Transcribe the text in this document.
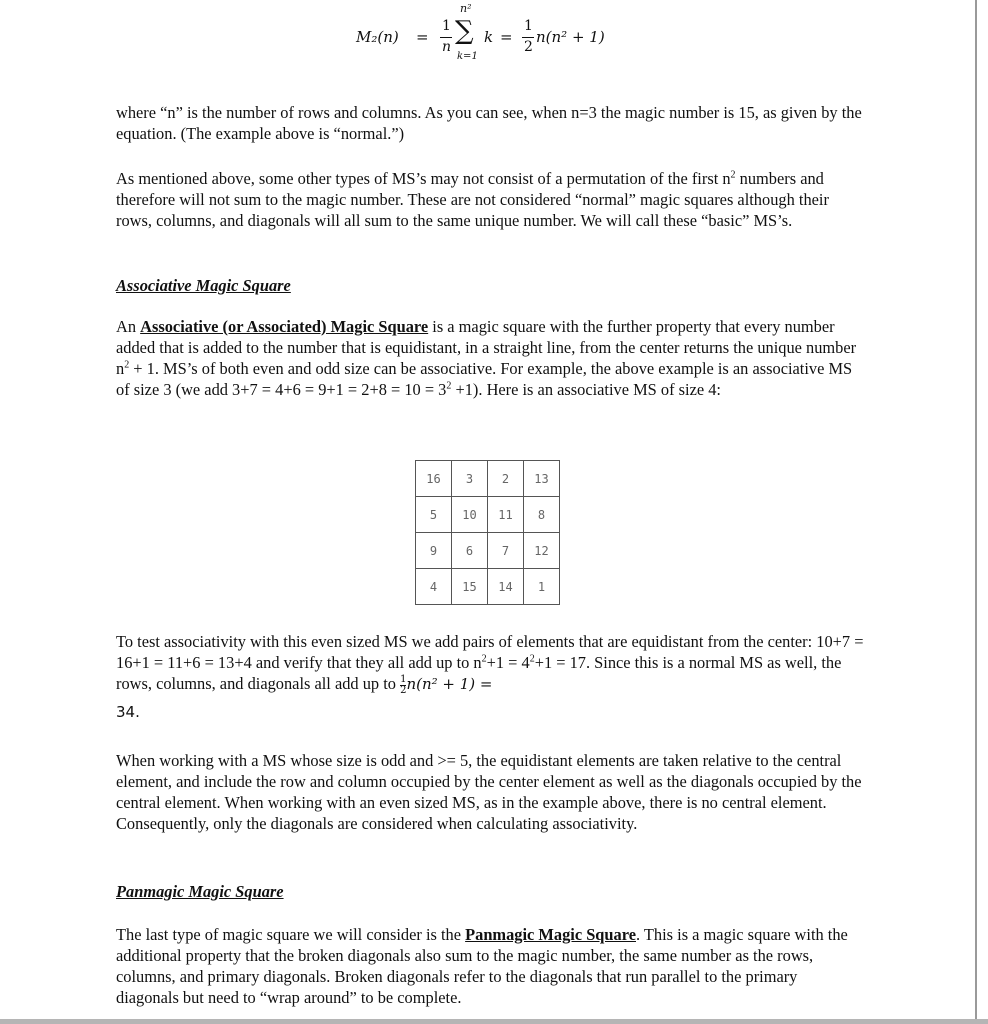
M₂(n) =
1
n
n²
∑
k=1
k =
1
2
n(n² + 1)

where “n” is the number of rows and columns. As you can see, when n=3 the magic number is 15, as given by the equation. (The example above is “normal.”)

As mentioned above, some other types of MS’s may not consist of a permutation of the first $n^2$ numbers and therefore will not sum to the magic number. These are not considered “normal” magic squares although their rows, columns, and diagonals will all sum to the same unique number. We will call these “basic” MS’s.

Associative Magic Square

An Associative (or Associated) Magic Square is a magic square with the further property that every number added that is added to the number that is equidistant, in a straight line, from the center returns the unique number $n^2 + 1$. MS’s of both even and odd size can be associative. For example, the above example is an associative MS of size 3 (we add $3+7 = 4+6 = 9+1 = 2+8 = 10 = 3^2 +1$). Here is an associative MS of size 4:

16	3	2	13
5	10	11	8
9	6	7	12
4	15	14	1

To test associativity with this even sized MS we add pairs of elements that are equidistant from the center: 10+7 = 16+1 = 11+6 = 13+4 and verify that they all add up to $n^2+1 = 4^2+1 = 17$. Since this is a normal MS as well, the rows, columns, and diagonals all add up to $\frac{1}{2}n(n^2 + 1)$ =
34.

When working with a MS whose size is odd and >= 5, the equidistant elements are taken relative to the central element, and include the row and column occupied by the center element as well as the diagonals occupied by the central element. When working with an even sized MS, as in the example above, there is no central element. Consequently, only the diagonals are considered when calculating associativity.

Panmagic Magic Square

The last type of magic square we will consider is the Panmagic Magic Square. This is a magic square with the additional property that the broken diagonals also sum to the magic number, the same number as the rows, columns, and primary diagonals. Broken diagonals refer to the diagonals that run parallel to the primary diagonals but need to “wrap around” to be complete.
